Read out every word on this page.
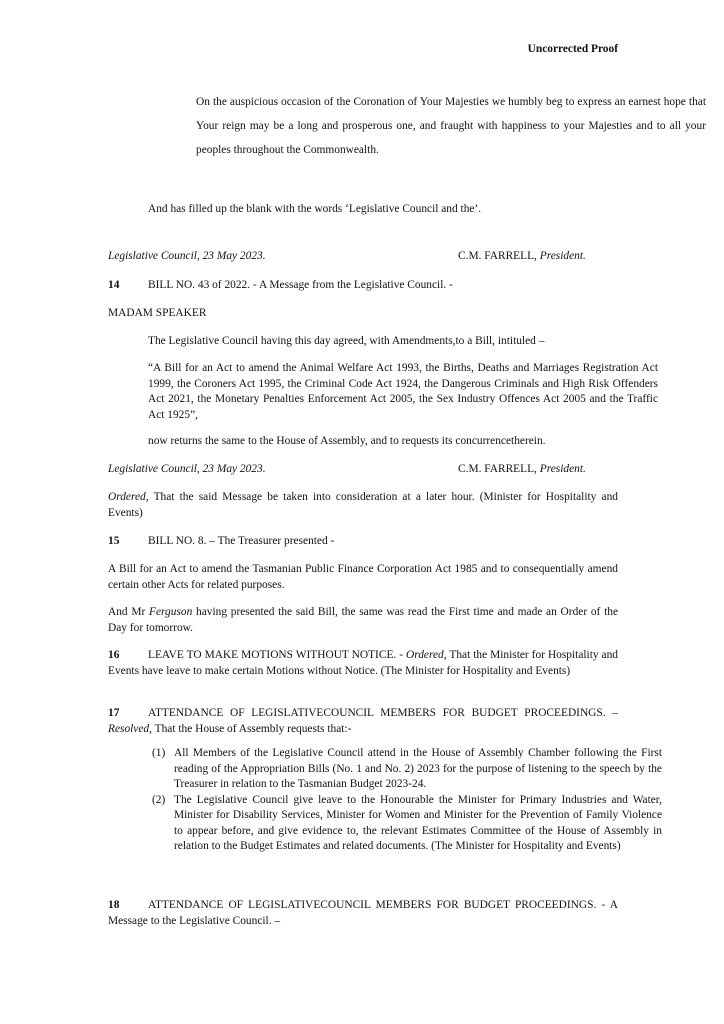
Uncorrected Proof

On the auspicious occasion of the Coronation of Your Majesties we humbly beg to express an earnest hope that Your reign may be a long and prosperous one, and fraught with happiness to your Majesties and to all your peoples throughout the Commonwealth.

And has filled up the blank with the words ‘Legislative Council and the’.

Legislative Council, 23 May 2023.	C.M. FARRELL, President.

14	BILL NO. 43 of 2022. - A Message from the Legislative Council. -

MADAM SPEAKER

The Legislative Council having this day agreed, with Amendments,to a Bill, intituled –

“A Bill for an Act to amend the Animal Welfare Act 1993, the Births, Deaths and Marriages Registration Act 1999, the Coroners Act 1995, the Criminal Code Act 1924, the Dangerous Criminals and High Risk Offenders Act 2021, the Monetary Penalties Enforcement Act 2005, the Sex Industry Offences Act 2005 and the Traffic Act 1925”,

now returns the same to the House of Assembly, and to requests its concurrencetherein.

Legislative Council, 23 May 2023.	C.M. FARRELL, President.

Ordered, That the said Message be taken into consideration at a later hour. (Minister for Hospitality and Events)

15	BILL NO. 8. – The Treasurer presented -

A Bill for an Act to amend the Tasmanian Public Finance Corporation Act 1985 and to consequentially amend certain other Acts for related purposes.

And Mr Ferguson having presented the said Bill, the same was read the First time and made an Order of the Day for tomorrow.

16	LEAVE TO MAKE MOTIONS WITHOUT NOTICE. - Ordered, That the Minister for Hospitality and Events have leave to make certain Motions without Notice. (The Minister for Hospitality and Events)

17	ATTENDANCE OF LEGISLATIVECOUNCIL MEMBERS FOR BUDGET PROCEEDINGS. – Resolved, That the House of Assembly requests that:-

(1) All Members of the Legislative Council attend in the House of Assembly Chamber following the First reading of the Appropriation Bills (No. 1 and No. 2) 2023 for the purpose of listening to the speech by the Treasurer in relation to the Tasmanian Budget 2023-24.
(2) The Legislative Council give leave to the Honourable the Minister for Primary Industries and Water, Minister for Disability Services, Minister for Women and Minister for the Prevention of Family Violence to appear before, and give evidence to, the relevant Estimates Committee of the House of Assembly in relation to the Budget Estimates and related documents. (The Minister for Hospitality and Events)

18	ATTENDANCE OF LEGISLATIVECOUNCIL MEMBERS FOR BUDGET PROCEEDINGS. - A Message to the Legislative Council. –
